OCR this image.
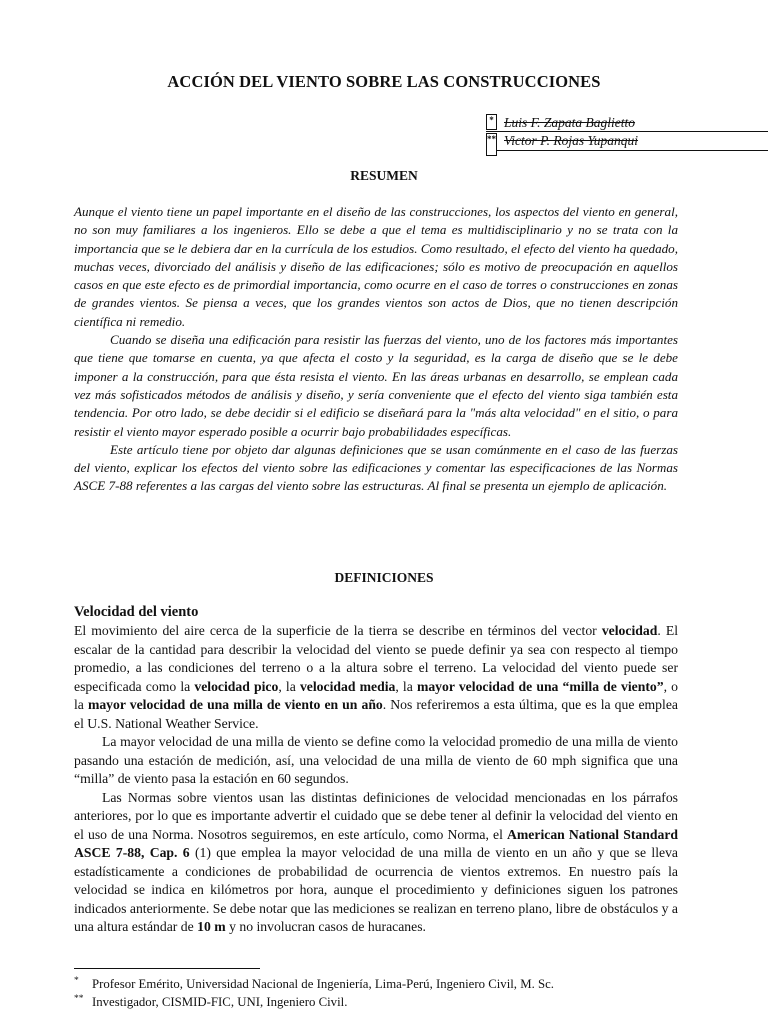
ACCIÓN DEL VIENTO SOBRE LAS CONSTRUCCIONES
* Luis F. Zapata Baglietto
** Victor P. Rojas Yupanqui
RESUMEN

Aunque el viento tiene un papel importante en el diseño de las construcciones, los aspectos del viento en general, no son muy familiares a los ingenieros. Ello se debe a que el tema es multidisciplinario y no se trata con la importancia que se le debiera dar en la currícula de los estudios. Como resultado, el efecto del viento ha quedado, muchas veces, divorciado del análisis y diseño de las edificaciones; sólo es motivo de preocupación en aquellos casos en que este efecto es de primordial importancia, como ocurre en el caso de torres o construcciones en zonas de grandes vientos. Se piensa a veces, que los grandes vientos son actos de Dios, que no tienen descripción científica ni remedio.

Cuando se diseña una edificación para resistir las fuerzas del viento, uno de los factores más importantes que tiene que tomarse en cuenta, ya que afecta el costo y la seguridad, es la carga de diseño que se le debe imponer a la construcción, para que ésta resista el viento. En las áreas urbanas en desarrollo, se emplean cada vez más sofisticados métodos de análisis y diseño, y sería conveniente que el efecto del viento siga también esta tendencia. Por otro lado, se debe decidir si el edificio se diseñará para la "más alta velocidad" en el sitio, o para resistir el viento mayor esperado posible a ocurrir bajo probabilidades específicas.

Este artículo tiene por objeto dar algunas definiciones que se usan comúnmente en el caso de las fuerzas del viento, explicar los efectos del viento sobre las edificaciones y comentar las especificaciones de las Normas ASCE 7-88 referentes a las cargas del viento sobre las estructuras. Al final se presenta un ejemplo de aplicación.

DEFINICIONES
Velocidad del viento

El movimiento del aire cerca de la superficie de la tierra se describe en términos del vector velocidad. El escalar de la cantidad para describir la velocidad del viento se puede definir ya sea con respecto al tiempo promedio, a las condiciones del terreno o a la altura sobre el terreno. La velocidad del viento puede ser especificada como la velocidad pico, la velocidad media, la mayor velocidad de una “milla de viento”, o la mayor velocidad de una milla de viento en un año. Nos referiremos a esta última, que es la que emplea el U.S. National Weather Service.

La mayor velocidad de una milla de viento se define como la velocidad promedio de una milla de viento pasando una estación de medición, así, una velocidad de una milla de viento de 60 mph significa que una “milla” de viento pasa la estación en 60 segundos.

Las Normas sobre vientos usan las distintas definiciones de velocidad mencionadas en los párrafos anteriores, por lo que es importante advertir el cuidado que se debe tener al definir la velocidad del viento en el uso de una Norma. Nosotros seguiremos, en este artículo, como Norma, el American National Standard ASCE 7-88, Cap. 6 (1) que emplea la mayor velocidad de una milla de viento en un año y que se lleva estadísticamente a condiciones de probabilidad de ocurrencia de vientos extremos. En nuestro país la velocidad se indica en kilómetros por hora, aunque el procedimiento y definiciones siguen los patrones indicados anteriormente. Se debe notar que las mediciones se realizan en terreno plano, libre de obstáculos y a una altura estándar de 10 m y no involucran casos de huracanes.

* Profesor Emérito, Universidad Nacional de Ingeniería, Lima-Perú, Ingeniero Civil, M. Sc.
** Investigador, CISMID-FIC, UNI, Ingeniero Civil.
